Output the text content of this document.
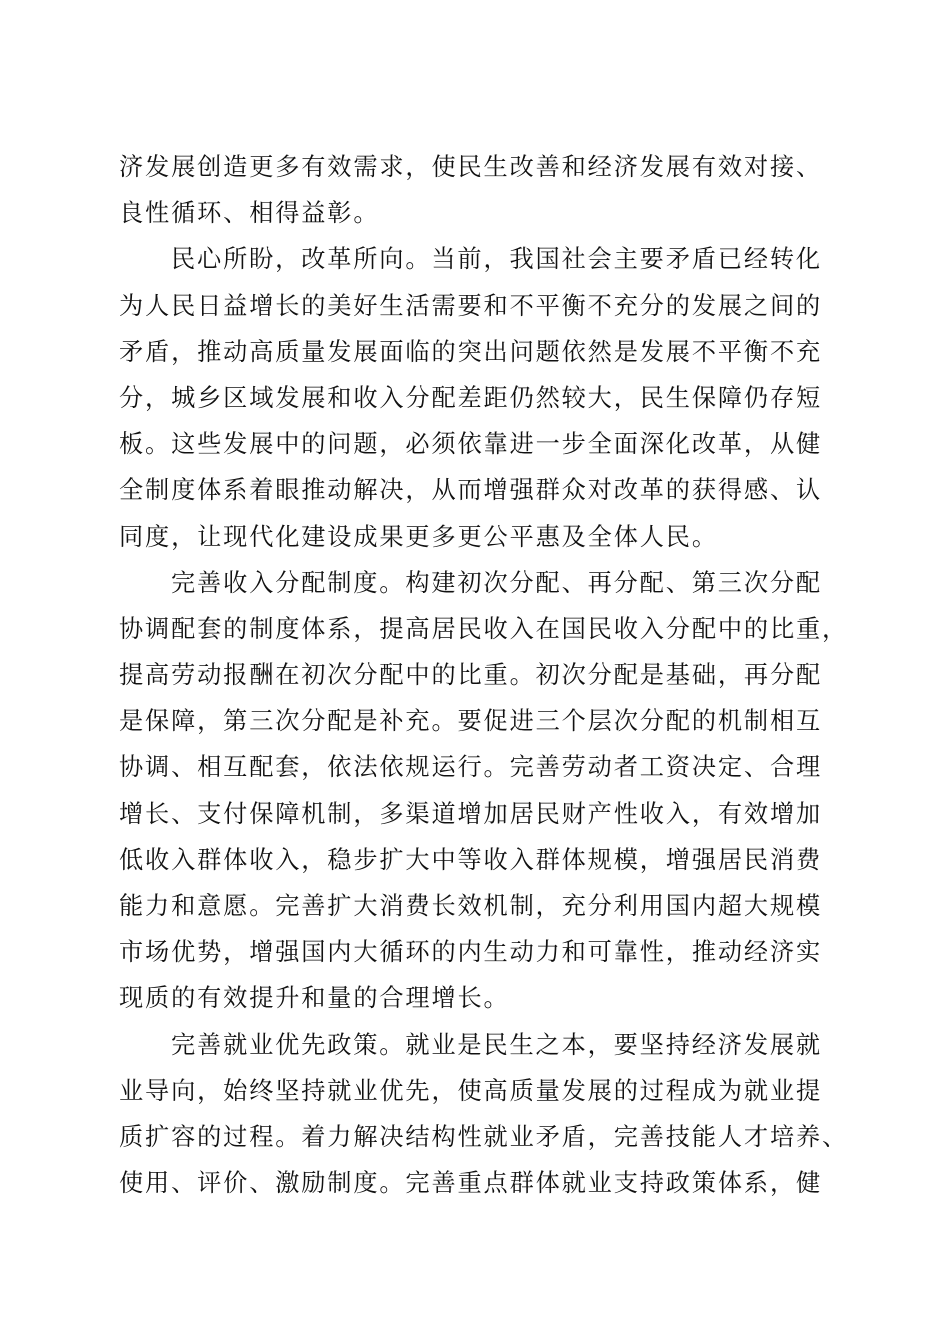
济发展创造更多有效需求，使民生改善和经济发展有效对接、
良性循环、相得益彰。
民心所盼，改革所向。当前，我国社会主要矛盾已经转化
为人民日益增长的美好生活需要和不平衡不充分的发展之间的
矛盾，推动高质量发展面临的突出问题依然是发展不平衡不充
分，城乡区域发展和收入分配差距仍然较大，民生保障仍存短
板。这些发展中的问题，必须依靠进一步全面深化改革，从健
全制度体系着眼推动解决，从而增强群众对改革的获得感、认
同度，让现代化建设成果更多更公平惠及全体人民。
完善收入分配制度。构建初次分配、再分配、第三次分配
协调配套的制度体系，提高居民收入在国民收入分配中的比重，
提高劳动报酬在初次分配中的比重。初次分配是基础，再分配
是保障，第三次分配是补充。要促进三个层次分配的机制相互
协调、相互配套，依法依规运行。完善劳动者工资决定、合理
增长、支付保障机制，多渠道增加居民财产性收入，有效增加
低收入群体收入，稳步扩大中等收入群体规模，增强居民消费
能力和意愿。完善扩大消费长效机制，充分利用国内超大规模
市场优势，增强国内大循环的内生动力和可靠性，推动经济实
现质的有效提升和量的合理增长。
完善就业优先政策。就业是民生之本，要坚持经济发展就
业导向，始终坚持就业优先，使高质量发展的过程成为就业提
质扩容的过程。着力解决结构性就业矛盾，完善技能人才培养、
使用、评价、激励制度。完善重点群体就业支持政策体系，健
